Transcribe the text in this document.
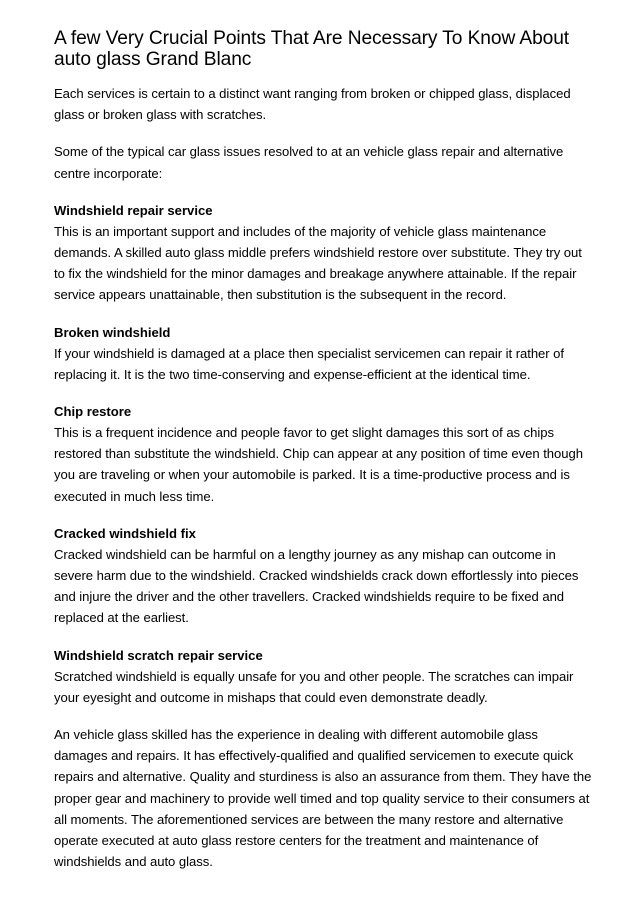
A few Very Crucial Points That Are Necessary To Know About auto glass Grand Blanc

Each services is certain to a distinct want ranging from broken or chipped glass, displaced glass or broken glass with scratches.

Some of the typical car glass issues resolved to at an vehicle glass repair and alternative centre incorporate:

Windshield repair service

This is an important support and includes of the majority of vehicle glass maintenance demands. A skilled auto glass middle prefers windshield restore over substitute. They try out to fix the windshield for the minor damages and breakage anywhere attainable. If the repair service appears unattainable, then substitution is the subsequent in the record.

Broken windshield

If your windshield is damaged at a place then specialist servicemen can repair it rather of replacing it. It is the two time-conserving and expense-efficient at the identical time.

Chip restore

This is a frequent incidence and people favor to get slight damages this sort of as chips restored than substitute the windshield. Chip can appear at any position of time even though you are traveling or when your automobile is parked. It is a time-productive process and is executed in much less time.

Cracked windshield fix

Cracked windshield can be harmful on a lengthy journey as any mishap can outcome in severe harm due to the windshield. Cracked windshields crack down effortlessly into pieces and injure the driver and the other travellers. Cracked windshields require to be fixed and replaced at the earliest.

Windshield scratch repair service

Scratched windshield is equally unsafe for you and other people. The scratches can impair your eyesight and outcome in mishaps that could even demonstrate deadly.

An vehicle glass skilled has the experience in dealing with different automobile glass damages and repairs. It has effectively-qualified and qualified servicemen to execute quick repairs and alternative. Quality and sturdiness is also an assurance from them. They have the proper gear and machinery to provide well timed and top quality service to their consumers at all moments. The aforementioned services are between the many restore and alternative operate executed at auto glass restore centers for the treatment and maintenance of windshields and auto glass.
